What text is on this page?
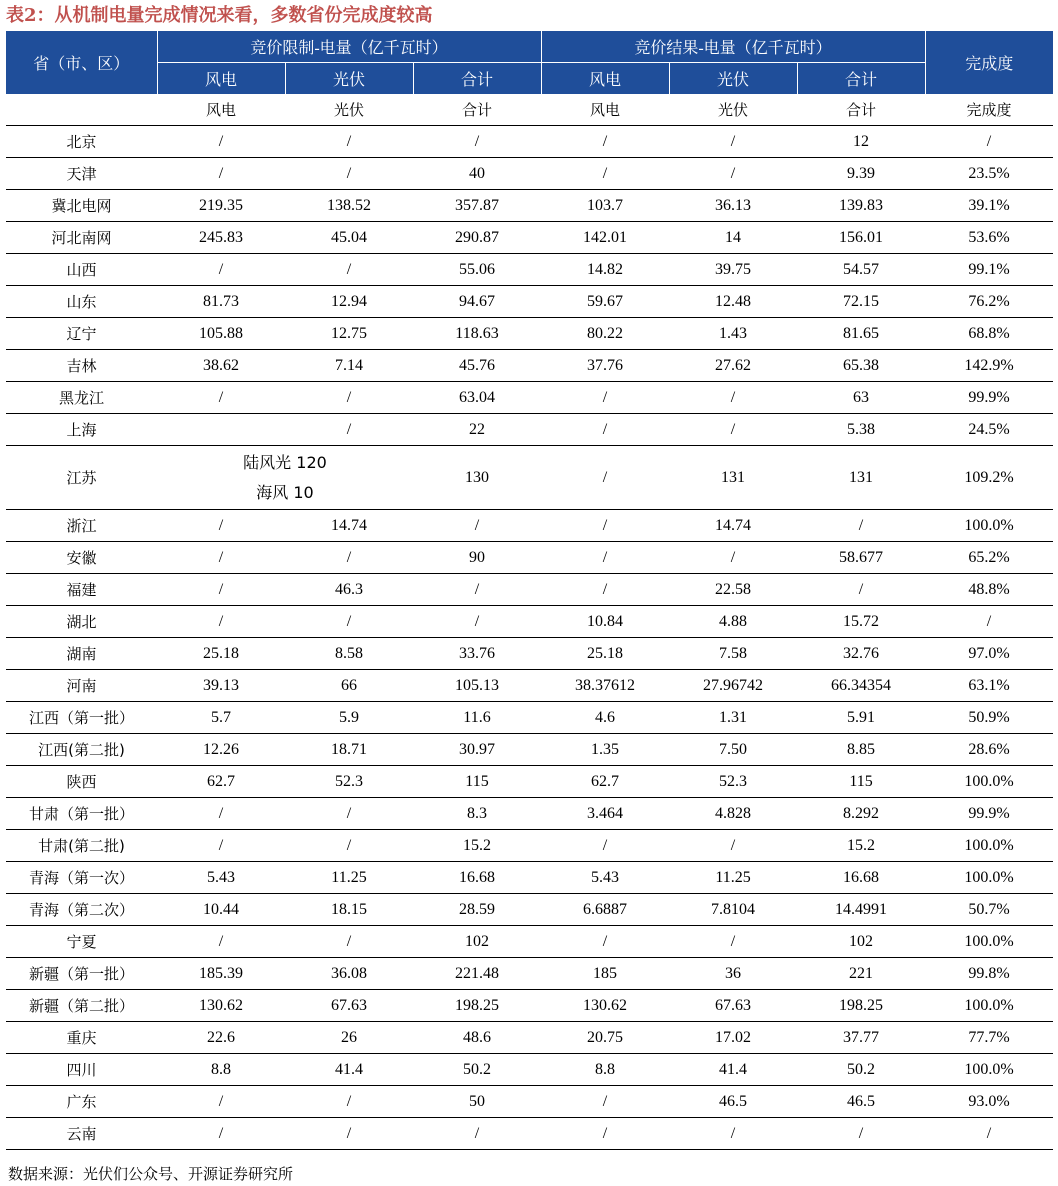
表2：从机制电量完成情况来看，多数省份完成度较高
省（市、区）	竞价限制-电量（亿千瓦时）			竞价结果-电量（亿千瓦时）			完成度
	风电	光伏	合计	风电	光伏	合计	
	风电	光伏	合计	风电	光伏	合计	完成度
北京	/	/	/	/	/	12	/
天津	/	/	40	/	/	9.39	23.5%
冀北电网	219.35	138.52	357.87	103.7	36.13	139.83	39.1%
河北南网	245.83	45.04	290.87	142.01	14	156.01	53.6%
山西	/	/	55.06	14.82	39.75	54.57	99.1%
山东	81.73	12.94	94.67	59.67	12.48	72.15	76.2%
辽宁	105.88	12.75	118.63	80.22	1.43	81.65	68.8%
吉林	38.62	7.14	45.76	37.76	27.62	65.38	142.9%
黑龙江	/	/	63.04	/	/	63	99.9%
上海		/	22	/	/	5.38	24.5%
江苏	陆风光 120
海风 10		130	/	131	131	109.2%
浙江	/	14.74	/	/	14.74	/	100.0%
安徽	/	/	90	/	/	58.677	65.2%
福建	/	46.3	/	/	22.58	/	48.8%
湖北	/	/	/	10.84	4.88	15.72	/
湖南	25.18	8.58	33.76	25.18	7.58	32.76	97.0%
河南	39.13	66	105.13	38.37612	27.96742	66.34354	63.1%
江西（第一批）	5.7	5.9	11.6	4.6	1.31	5.91	50.9%
江西(第二批)	12.26	18.71	30.97	1.35	7.50	8.85	28.6%
陕西	62.7	52.3	115	62.7	52.3	115	100.0%
甘肃（第一批）	/	/	8.3	3.464	4.828	8.292	99.9%
甘肃(第二批)	/	/	15.2	/	/	15.2	100.0%
青海（第一次）	5.43	11.25	16.68	5.43	11.25	16.68	100.0%
青海（第二次）	10.44	18.15	28.59	6.6887	7.8104	14.4991	50.7%
宁夏	/	/	102	/	/	102	100.0%
新疆（第一批）	185.39	36.08	221.48	185	36	221	99.8%
新疆（第二批）	130.62	67.63	198.25	130.62	67.63	198.25	100.0%
重庆	22.6	26	48.6	20.75	17.02	37.77	77.7%
四川	8.8	41.4	50.2	8.8	41.4	50.2	100.0%
广东	/	/	50	/	46.5	46.5	93.0%
云南	/	/	/	/	/	/	/
数据来源：光伏们公众号、开源证券研究所
